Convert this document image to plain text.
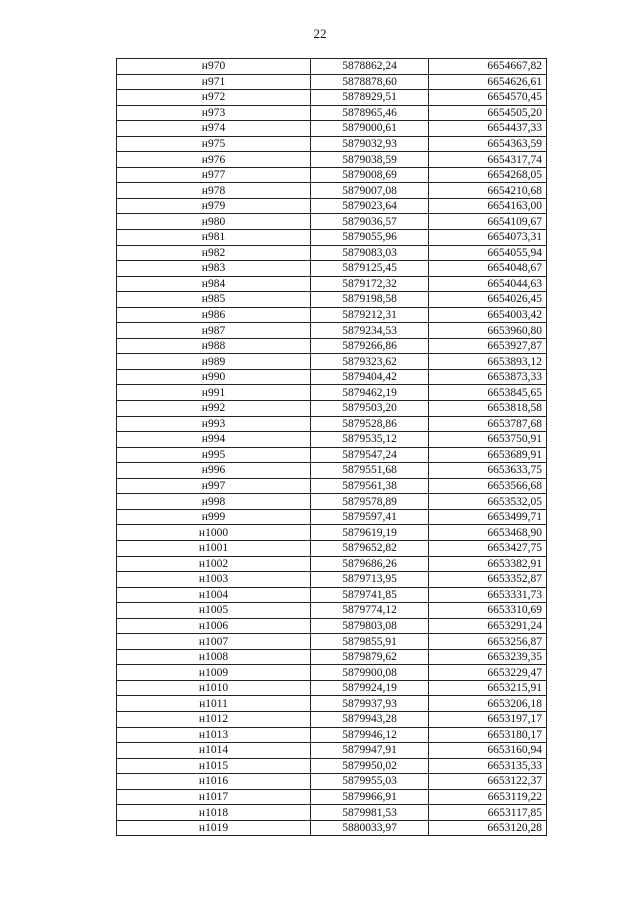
22
н970	5878862,24	6654667,82
н971	5878878,60	6654626,61
н972	5878929,51	6654570,45
н973	5878965,46	6654505,20
н974	5879000,61	6654437,33
н975	5879032,93	6654363,59
н976	5879038,59	6654317,74
н977	5879008,69	6654268,05
н978	5879007,08	6654210,68
н979	5879023,64	6654163,00
н980	5879036,57	6654109,67
н981	5879055,96	6654073,31
н982	5879083,03	6654055,94
н983	5879125,45	6654048,67
н984	5879172,32	6654044,63
н985	5879198,58	6654026,45
н986	5879212,31	6654003,42
н987	5879234,53	6653960,80
н988	5879266,86	6653927,87
н989	5879323,62	6653893,12
н990	5879404,42	6653873,33
н991	5879462,19	6653845,65
н992	5879503,20	6653818,58
н993	5879528,86	6653787,68
н994	5879535,12	6653750,91
н995	5879547,24	6653689,91
н996	5879551,68	6653633,75
н997	5879561,38	6653566,68
н998	5879578,89	6653532,05
н999	5879597,41	6653499,71
н1000	5879619,19	6653468,90
н1001	5879652,82	6653427,75
н1002	5879686,26	6653382,91
н1003	5879713,95	6653352,87
н1004	5879741,85	6653331,73
н1005	5879774,12	6653310,69
н1006	5879803,08	6653291,24
н1007	5879855,91	6653256,87
н1008	5879879,62	6653239,35
н1009	5879900,08	6653229,47
н1010	5879924,19	6653215,91
н1011	5879937,93	6653206,18
н1012	5879943,28	6653197,17
н1013	5879946,12	6653180,17
н1014	5879947,91	6653160,94
н1015	5879950,02	6653135,33
н1016	5879955,03	6653122,37
н1017	5879966,91	6653119,22
н1018	5879981,53	6653117,85
н1019	5880033,97	6653120,28
